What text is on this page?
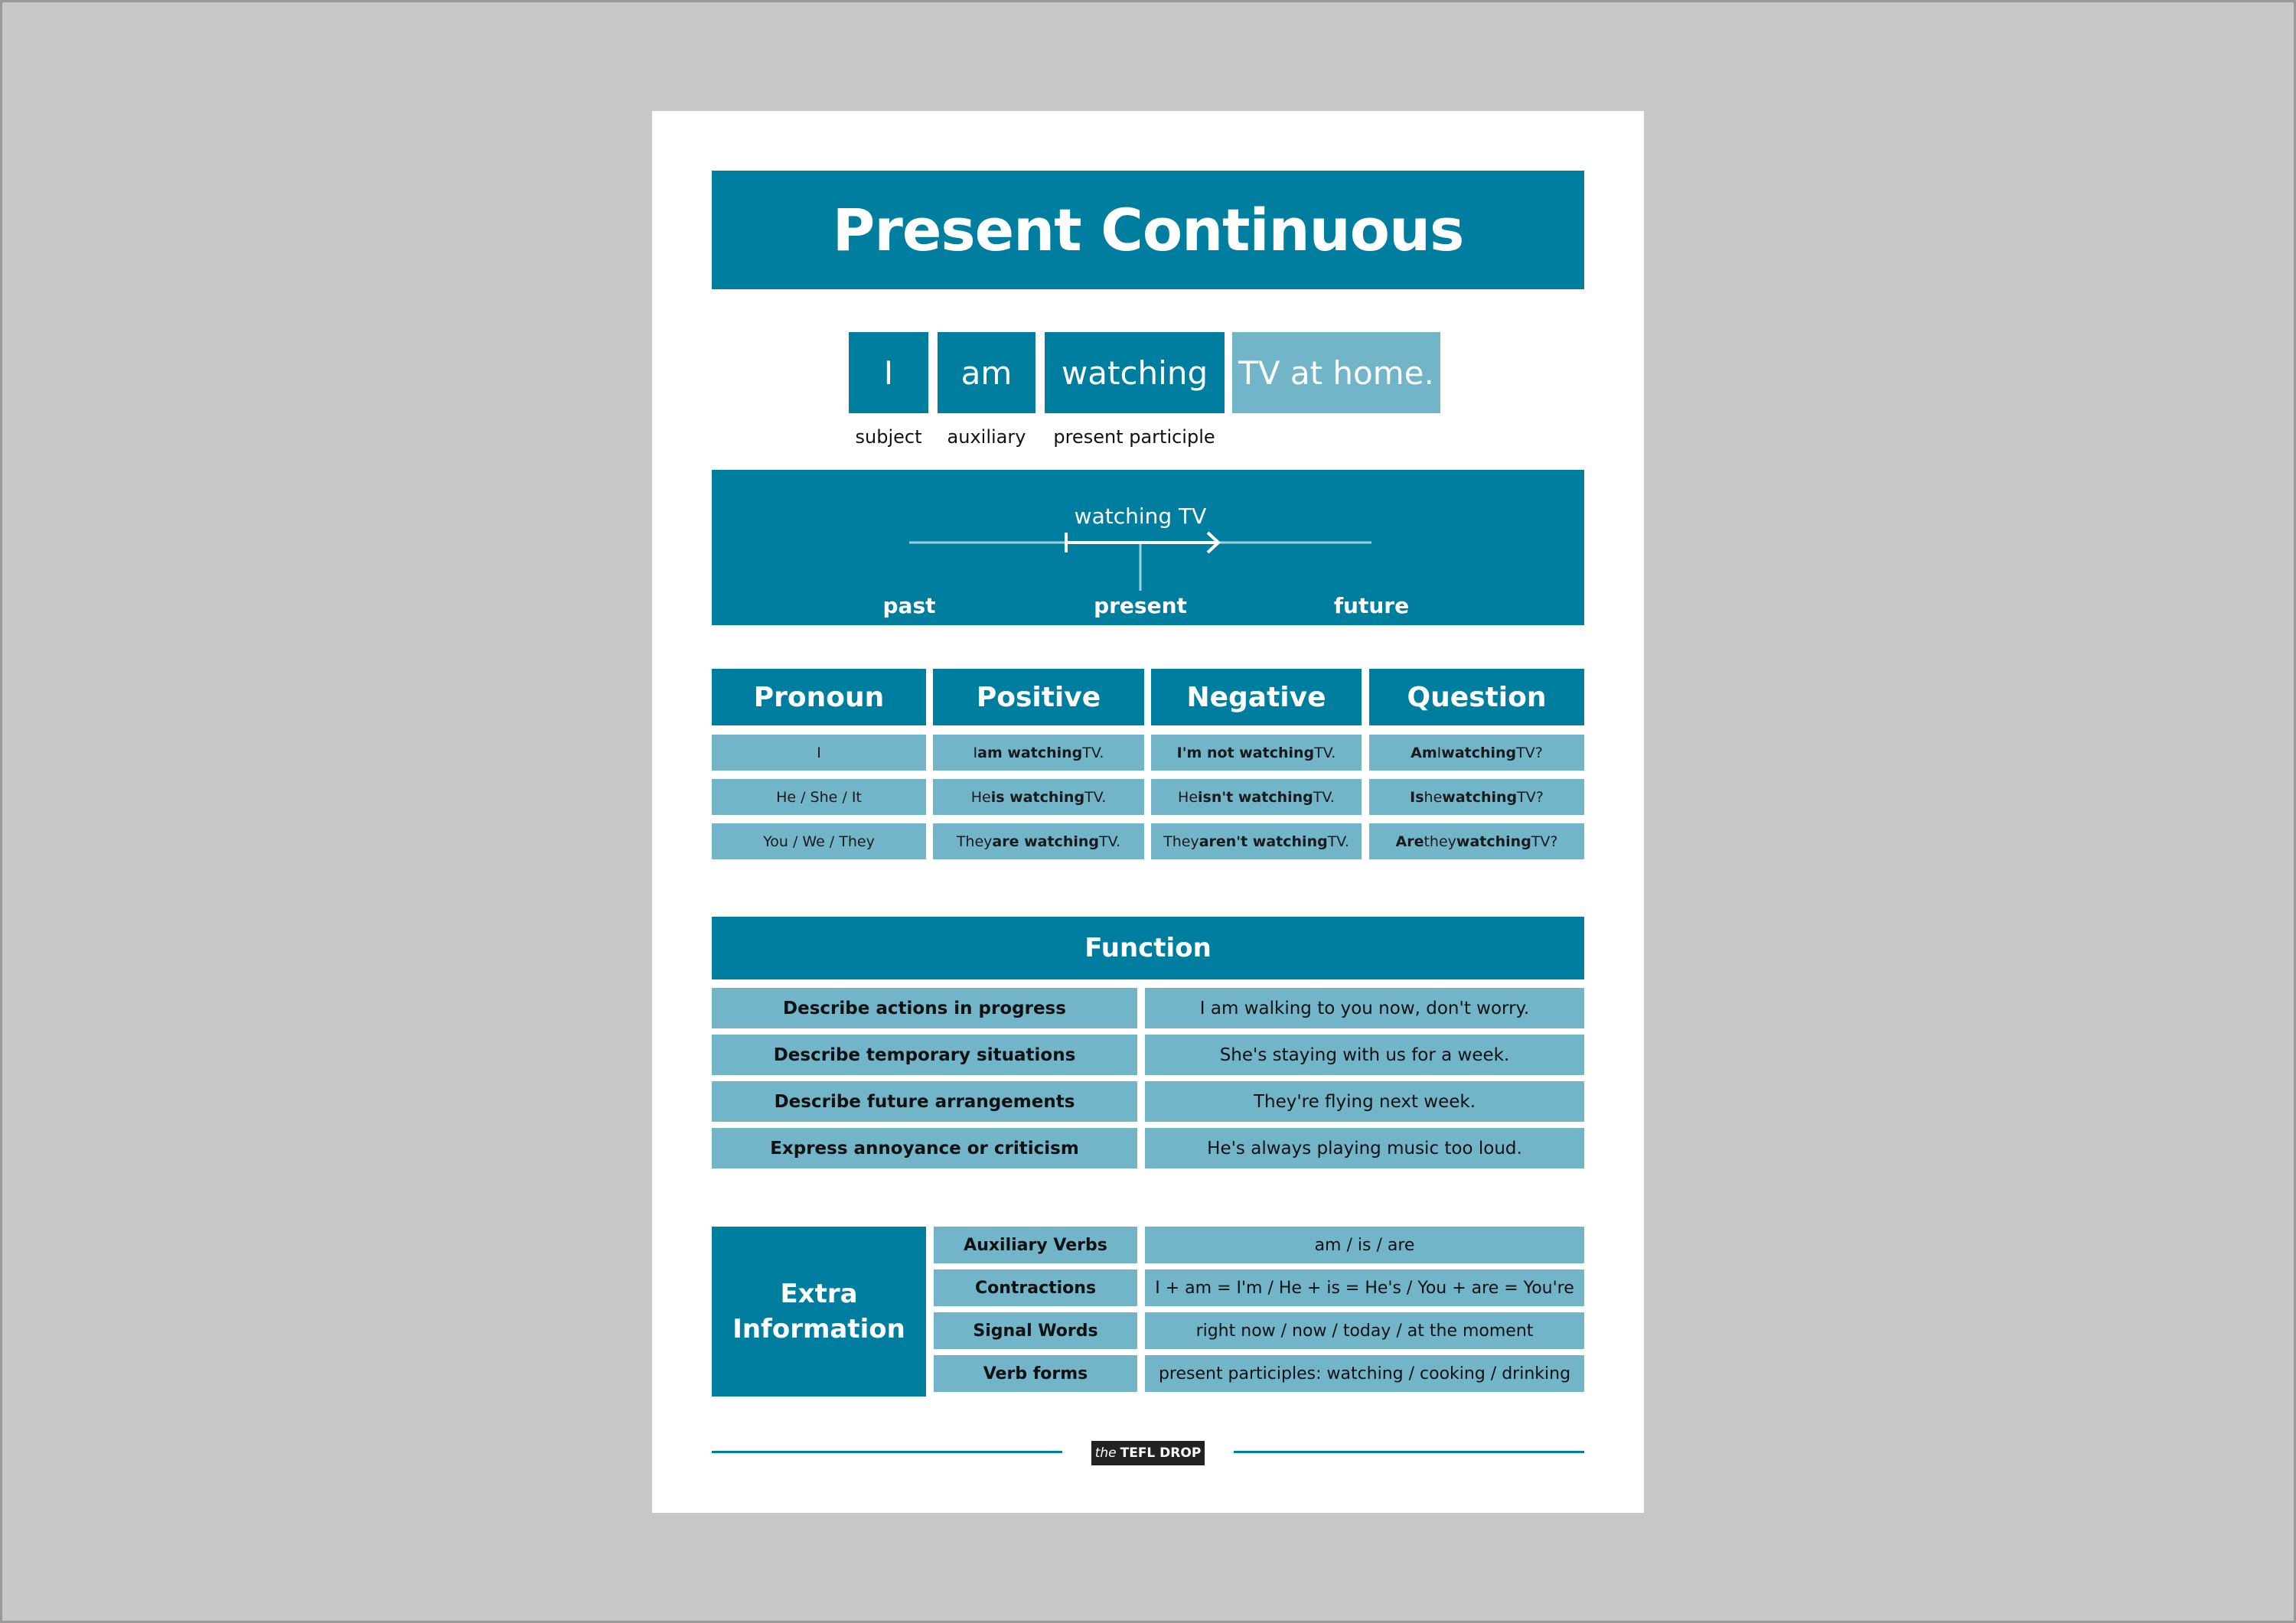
Present Continuous
I	am	watching TV at home.
subject	auxiliary	present participle
watching TV
past	present	future
Pronoun	Positive	Negative	Question
I	I am watching TV.	I'm not watching TV.	Am I watching TV?
He / She / It	He is watching TV.	He isn't watching TV.	Is he watching TV?
You / We / They	They are watching TV.	They aren't watching TV.	Are they watching TV?
Function
Describe actions in progress	I am walking to you now, don't worry.
Describe temporary situations	She's staying with us for a week.
Describe future arrangements	They're flying next week.
Express annoyance or criticism	He's always playing music too loud.
Extra
Information
Auxiliary Verbs	am / is / are
Contractions	I + am = I'm / He + is = He's / You + are = You're
Signal Words	right now / now / today / at the moment
Verb forms	present participles: watching / cooking / drinking
the TEFL DROP
